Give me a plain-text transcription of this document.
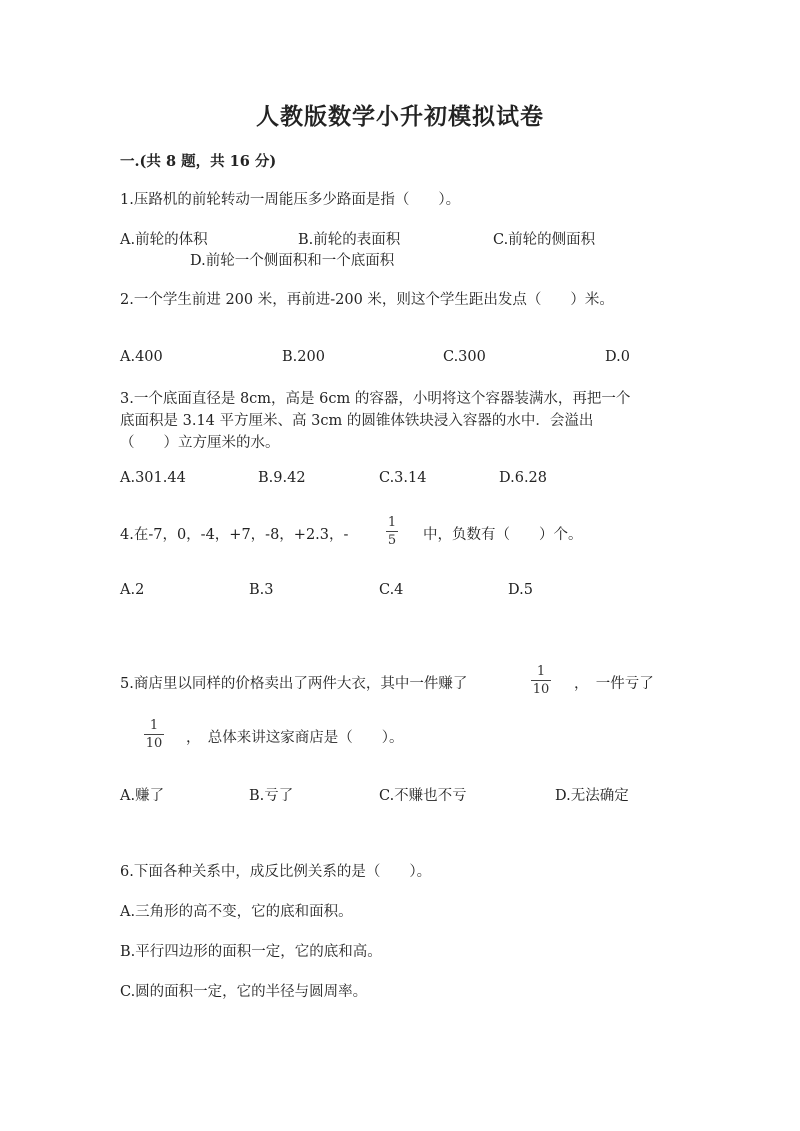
人教版数学小升初模拟试卷
一.(共 8 题，共 16 分)
1.压路机的前轮转动一周能压多少路面是指（　　）。
A.前轮的体积	B.前轮的表面积	C.前轮的侧面积
D.前轮一个侧面积和一个底面积
2.一个学生前进 200 米，再前进-200 米，则这个学生距出发点（　　）米。
A.400	B.200	C.300	D.0
3.一个底面直径是 8cm，高是 6cm 的容器，小明将这个容器装满水，再把一个
底面积是 3.14 平方厘米、高 3cm 的圆锥体铁块浸入容器的水中．会溢出
（　　）立方厘米的水。
A.301.44	B.9.42	C.3.14	D.6.28
4.在-7，0，-4，+7，-8，+2.3，-
1
5 中，负数有（　　）个。
A.2	B.3	C.4	D.5
5.商店里以同样的价格卖出了两件大衣，其中一件赚了
1
10 ，　一件亏了
1
10 ，　总体来讲这家商店是（　　）。
A.赚了	B.亏了	C.不赚也不亏	D.无法确定
6.下面各种关系中，成反比例关系的是（　　）。
A.三角形的高不变，它的底和面积。
B.平行四边形的面积一定，它的底和高。
C.圆的面积一定，它的半径与圆周率。
